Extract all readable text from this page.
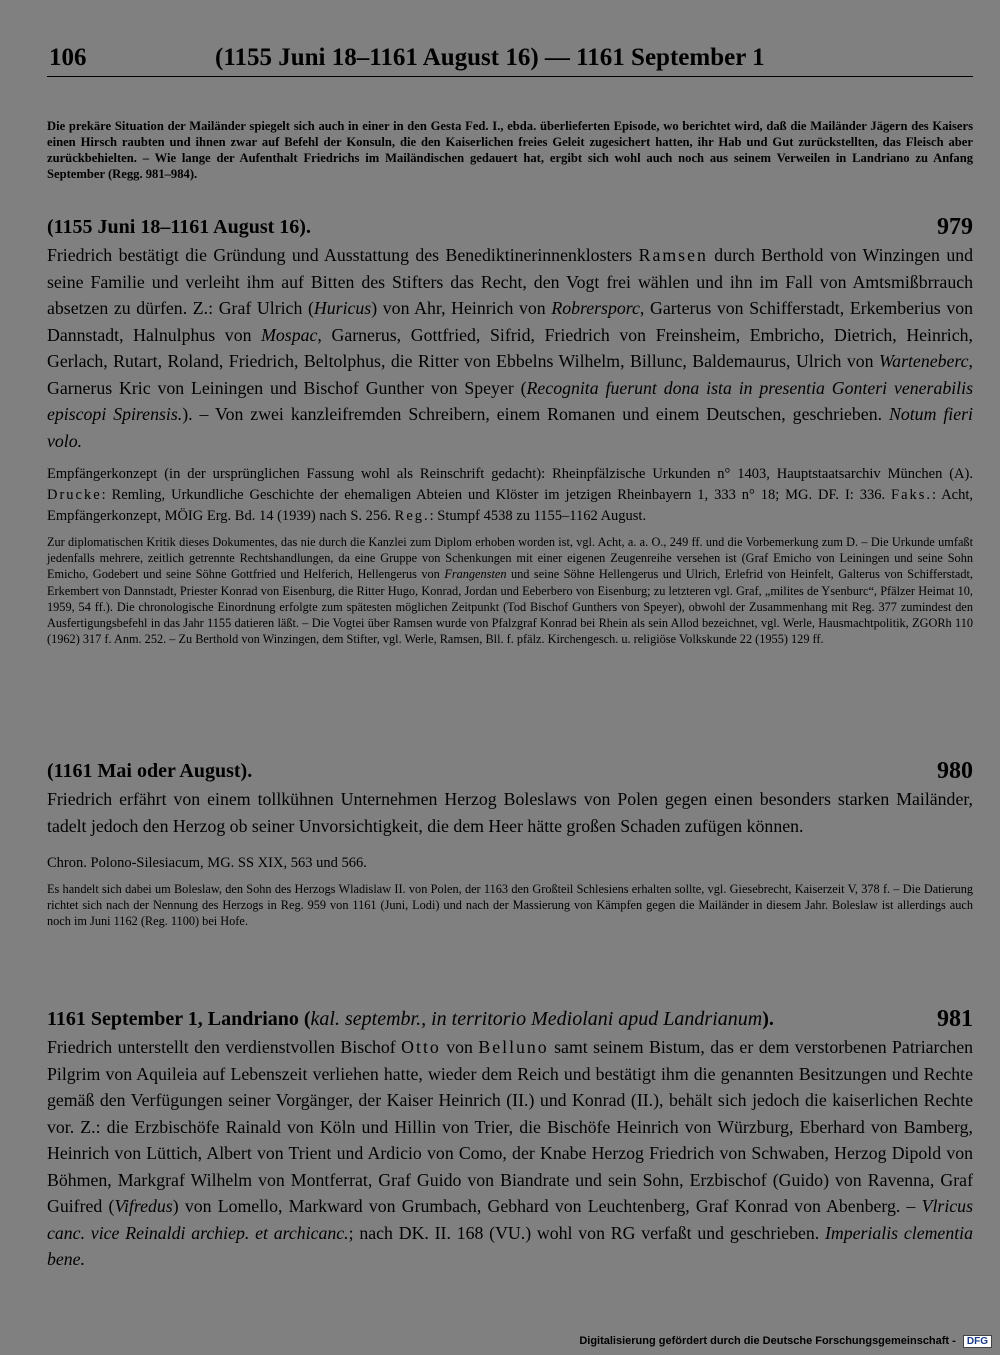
106	(1155 Juni 18–1161 August 16) — 1161 September 1

Die prekäre Situation der Mailänder spiegelt sich auch in einer in den Gesta Fed. I., ebda. überlieferten Episode, wo berichtet wird, daß die Mailänder Jägern des Kaisers einen Hirsch raubten und ihnen zwar auf Befehl der Konsuln, die den Kaiserlichen freies Geleit zugesichert hatten, ihr Hab und Gut zurückstellten, das Fleisch aber zurückbehielten. – Wie lange der Aufenthalt Friedrichs im Mailändischen gedauert hat, ergibt sich wohl auch noch aus seinem Verweilen in Landriano zu Anfang September (Regg. 981–984).

(1155 Juni 18–1161 August 16).	979

Friedrich bestätigt die Gründung und Ausstattung des Benediktinerinnenklosters Ramsen durch Berthold von Winzingen und seine Familie und verleiht ihm auf Bitten des Stifters das Recht, den Vogt frei wählen und ihn im Fall von Amtsmißbrrauch absetzen zu dürfen. Z.: Graf Ulrich (Huricus) von Ahr, Heinrich von Robrersporc, Garterus von Schifferstadt, Erkemberius von Dannstadt, Halnulphus von Mospac, Garnerus, Gottfried, Sifrid, Friedrich von Freinsheim, Embricho, Dietrich, Heinrich, Gerlach, Rutart, Roland, Friedrich, Beltolphus, die Ritter von Ebbelns Wilhelm, Billunc, Baldemaurus, Ulrich von Warteneberc, Garnerus Kric von Leiningen und Bischof Gunther von Speyer (Recognita fuerunt dona ista in presentia Gonteri venerabilis episcopi Spirensis.). – Von zwei kanzleifremden Schreibern, einem Romanen und einem Deutschen, geschrieben. Notum fieri volo.

Empfängerkonzept (in der ursprünglichen Fassung wohl als Reinschrift gedacht): Rheinpfälzische Urkunden n° 1403, Hauptstaatsarchiv München (A). Drucke: Remling, Urkundliche Geschichte der ehemaligen Abteien und Klöster im jetzigen Rheinbayern 1, 333 n° 18; MG. DF. I: 336. Faks.: Acht, Empfängerkonzept, MÖIG Erg. Bd. 14 (1939) nach S. 256. Reg.: Stumpf 4538 zu 1155–1162 August.

Zur diplomatischen Kritik dieses Dokumentes, das nie durch die Kanzlei zum Diplom erhoben worden ist, vgl. Acht, a. a. O., 249 ff. und die Vorbemerkung zum D. – Die Urkunde umfaßt jedenfalls mehrere, zeitlich getrennte Rechtshandlungen, da eine Gruppe von Schenkungen mit einer eigenen Zeugenreihe versehen ist (Graf Emicho von Leiningen und seine Sohn Emicho, Godebert und seine Söhne Gottfried und Helferich, Hellengerus von Frangensten und seine Söhne Hellengerus und Ulrich, Erlefrid von Heinfelt, Galterus von Schifferstadt, Erkembert von Dannstadt, Priester Konrad von Eisenburg, die Ritter Hugo, Konrad, Jordan und Eeberbero von Eisenburg; zu letzteren vgl. Graf, „milites de Ysenburc“, Pfälzer Heimat 10, 1959, 54 ff.). Die chronologische Einordnung erfolgte zum spätesten möglichen Zeitpunkt (Tod Bischof Gunthers von Speyer), obwohl der Zusammenhang mit Reg. 377 zumindest den Ausfertigungsbefehl in das Jahr 1155 datieren läßt. – Die Vogtei über Ramsen wurde von Pfalzgraf Konrad bei Rhein als sein Allod bezeichnet, vgl. Werle, Hausmachtpolitik, ZGORh 110 (1962) 317 f. Anm. 252. – Zu Berthold von Winzingen, dem Stifter, vgl. Werle, Ramsen, Bll. f. pfälz. Kirchengesch. u. religiöse Volkskunde 22 (1955) 129 ff.

(1161 Mai oder August).	980

Friedrich erfährt von einem tollkühnen Unternehmen Herzog Boleslaws von Polen gegen einen besonders starken Mailänder, tadelt jedoch den Herzog ob seiner Unvorsichtigkeit, die dem Heer hätte großen Schaden zufügen können.

Chron. Polono-Silesiacum, MG. SS XIX, 563 und 566.

Es handelt sich dabei um Boleslaw, den Sohn des Herzogs Wladislaw II. von Polen, der 1163 den Großteil Schlesiens erhalten sollte, vgl. Giesebrecht, Kaiserzeit V, 378 f. – Die Datierung richtet sich nach der Nennung des Herzogs in Reg. 959 von 1161 (Juni, Lodi) und nach der Massierung von Kämpfen gegen die Mailänder in diesem Jahr. Boleslaw ist allerdings auch noch im Juni 1162 (Reg. 1100) bei Hofe.

1161 September 1, Landriano (kal. septembr., in territorio Mediolani apud Landrianum).	981

Friedrich unterstellt den verdienstvollen Bischof Otto von Belluno samt seinem Bistum, das er dem verstorbenen Patriarchen Pilgrim von Aquileia auf Lebenszeit verliehen hatte, wieder dem Reich und bestätigt ihm die genannten Besitzungen und Rechte gemäß den Verfügungen seiner Vorgänger, der Kaiser Heinrich (II.) und Konrad (II.), behält sich jedoch die kaiserlichen Rechte vor. Z.: die Erzbischöfe Rainald von Köln und Hillin von Trier, die Bischöfe Heinrich von Würzburg, Eberhard von Bamberg, Heinrich von Lüttich, Albert von Trient und Ardicio von Como, der Knabe Herzog Friedrich von Schwaben, Herzog Dipold von Böhmen, Markgraf Wilhelm von Montferrat, Graf Guido von Biandrate und sein Sohn, Erzbischof (Guido) von Ravenna, Graf Guifred (Vifredus) von Lomello, Markward von Grumbach, Gebhard von Leuchtenberg, Graf Konrad von Abenberg. – Vlricus canc. vice Reinaldi archiep. et archicanc.; nach DK. II. 168 (VU.) wohl von RG verfaßt und geschrieben. Imperialis clementia bene.

Digitalisierung gefördert durch die Deutsche Forschungsgemeinschaft - DFG
